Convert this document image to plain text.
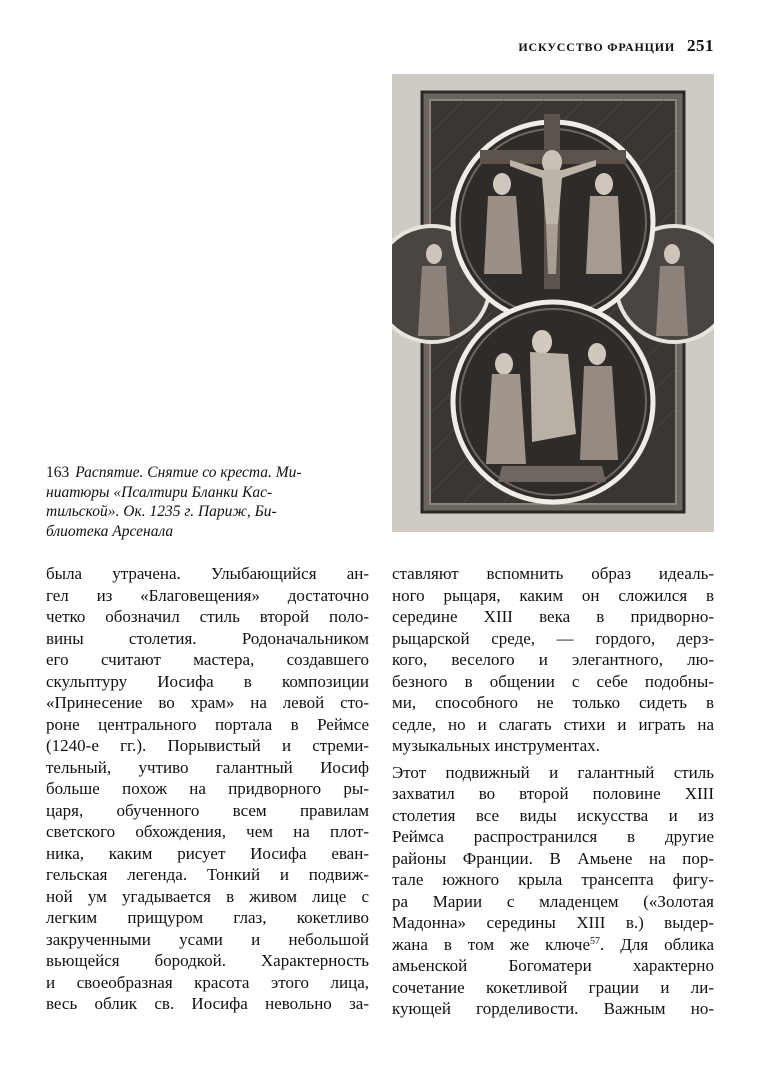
ИСКУССТВО ФРАНЦИИ 251
163 Распятие. Снятие со креста. Ми-
ниатюры «Псалтири Бланки Кас-
тильской». Ок. 1235 г. Париж, Би-
блиотека Арсенала

была утрачена. Улыбающийся ан-
гел из «Благовещения» достаточно
четко обозначил стиль второй поло-
вины столетия. Родоначальником
его считают мастера, создавшего
скульптуру Иосифа в композиции
«Принесение во храм» на левой сто-
роне центрального портала в Реймсе
(1240-е гг.). Порывистый и стреми-
тельный, учтиво галантный Иосиф
больше похож на придворного ры-
царя, обученного всем правилам
светского обхождения, чем на плот-
ника, каким рисует Иосифа еван-
гельская легенда. Тонкий и подвиж-
ной ум угадывается в живом лице с
легким прищуром глаз, кокетливо
закрученными усами и небольшой
вьющейся бородкой. Характерность
и своеобразная красота этого лица,
весь облик св. Иосифа невольно за-

ставляют вспомнить образ идеаль-
ного рыцаря, каким он сложился в
середине XIII века в придворно-
рыцарской среде, — гордого, дерз-
кого, веселого и элегантного, лю-
безного в общении с себе подобны-
ми, способного не только сидеть в
седле, но и слагать стихи и играть на
музыкальных инструментах.

Этот подвижный и галантный стиль
захватил во второй половине XIII
столетия все виды искусства и из
Реймса распространился в другие
районы Франции. В Амьене на пор-
тале южного крыла трансепта фигу-
ра Марии с младенцем («Золотая
Мадонна» середины XIII в.) выдер-
жана в том же ключе$^{57}$. Для облика
амьенской Богоматери характерно
сочетание кокетливой грации и ли-
кующей горделивости. Важным но-
